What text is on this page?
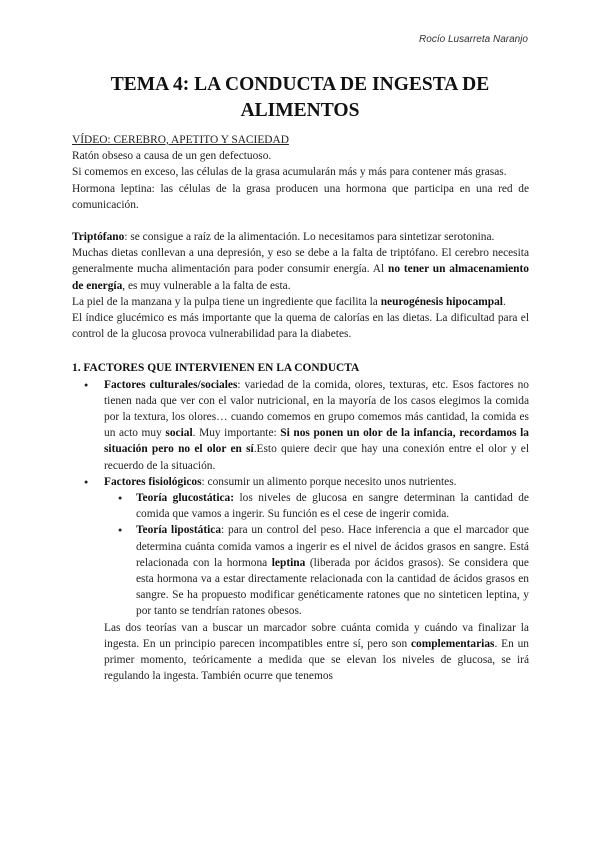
Rocío Lusarreta Naranjo
TEMA 4: LA CONDUCTA DE INGESTA DE ALIMENTOS

VÍDEO: CEREBRO, APETITO Y SACIEDAD

Ratón obseso a causa de un gen defectuoso.

Si comemos en exceso, las células de la grasa acumularán más y más para contener más grasas.

Hormona leptina: las células de la grasa producen una hormona que participa en una red de comunicación.

Triptófano: se consigue a raíz de la alimentación. Lo necesitamos para sintetizar serotonina.

Muchas dietas conllevan a una depresión, y eso se debe a la falta de triptófano. El cerebro necesita generalmente mucha alimentación para poder consumir energía. Al no tener un almacenamiento de energía, es muy vulnerable a la falta de esta.

La piel de la manzana y la pulpa tiene un ingrediente que facilita la neurogénesis hipocampal.

El índice glucémico es más importante que la quema de calorías en las dietas. La dificultad para el control de la glucosa provoca vulnerabilidad para la diabetes.

1. FACTORES QUE INTERVIENEN EN LA CONDUCTA

● Factores culturales/sociales: variedad de la comida, olores, texturas, etc. Esos factores no tienen nada que ver con el valor nutricional, en la mayoría de los casos elegimos la comida por la textura, los olores… cuando comemos en grupo comemos más cantidad, la comida es un acto muy social. Muy importante: Si nos ponen un olor de la infancia, recordamos la situación pero no el olor en sí.Esto quiere decir que hay una conexión entre el olor y el recuerdo de la situación.
● Factores fisiológicos: consumir un alimento porque necesito unos nutrientes.
● Teoría glucostática: los niveles de glucosa en sangre determinan la cantidad de comida que vamos a ingerir. Su función es el cese de ingerir comida.
● Teoría lipostática: para un control del peso. Hace inferencia a que el marcador que determina cuánta comida vamos a ingerir es el nivel de ácidos grasos en sangre. Está relacionada con la hormona leptina (liberada por ácidos grasos). Se considera que esta hormona va a estar directamente relacionada con la cantidad de ácidos grasos en sangre. Se ha propuesto modificar genéticamente ratones que no sinteticen leptina, y por tanto se tendrían ratones obesos.

Las dos teorías van a buscar un marcador sobre cuánta comida y cuándo va finalizar la ingesta. En un principio parecen incompatibles entre sí, pero son complementarias. En un primer momento, teóricamente a medida que se elevan los niveles de glucosa, se irá regulando la ingesta. También ocurre que tenemos
